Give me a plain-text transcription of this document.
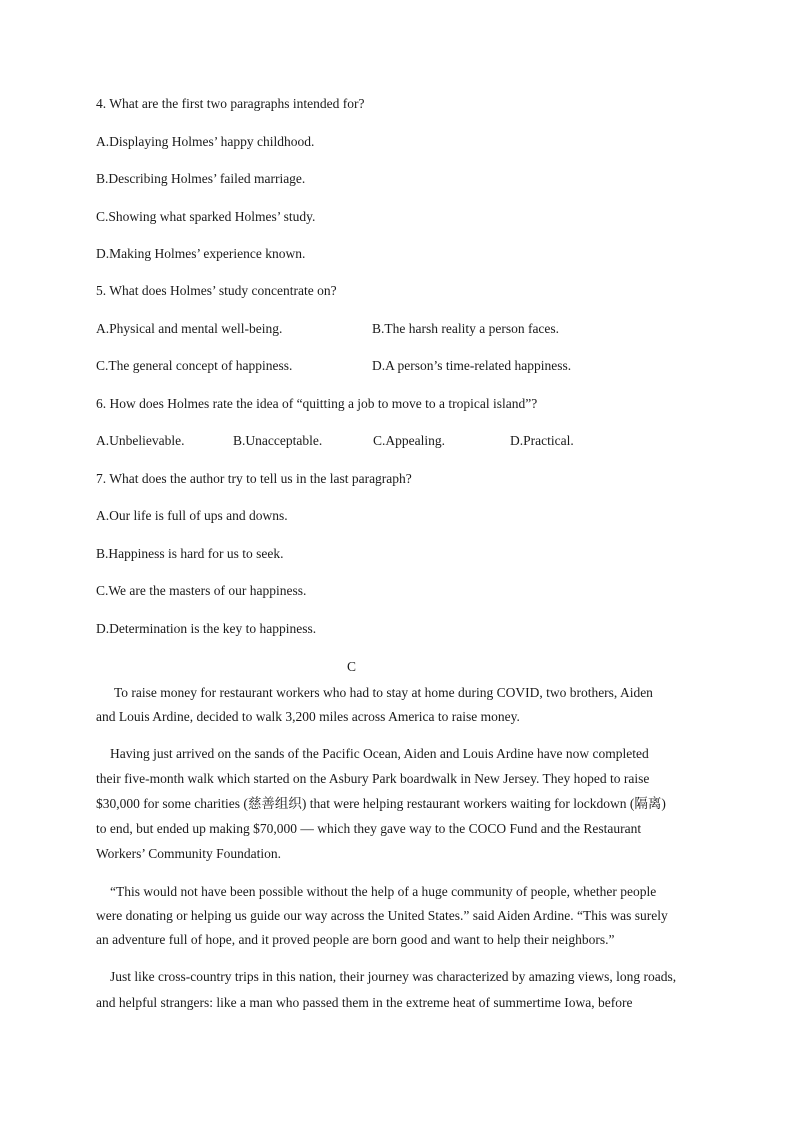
4. What are the first two paragraphs intended for?
A.Displaying Holmes’ happy childhood.
B.Describing Holmes’ failed marriage.
C.Showing what sparked Holmes’ study.
D.Making Holmes’ experience known.
5. What does Holmes’ study concentrate on?
A.Physical and mental well-being.	B.The harsh reality a person faces.
C.The general concept of happiness.	D.A person’s time-related happiness.
6. How does Holmes rate the idea of “quitting a job to move to a tropical island”?
A.Unbelievable.	B.Unacceptable.	C.Appealing.	D.Practical.
7. What does the author try to tell us in the last paragraph?
A.Our life is full of ups and downs.
B.Happiness is hard for us to seek.
C.We are the masters of our happiness.
D.Determination is the key to happiness.
C
To raise money for restaurant workers who had to stay at home during COVID, two brothers, Aiden
and Louis Ardine, decided to walk 3,200 miles across America to raise money.
Having just arrived on the sands of the Pacific Ocean, Aiden and Louis Ardine have now completed
their five-month walk which started on the Asbury Park boardwalk in New Jersey. They hoped to raise
$30,000 for some charities (慈善组织) that were helping restaurant workers waiting for lockdown (隔离)
to end, but ended up making $70,000 — which they gave way to the COCO Fund and the Restaurant
Workers’ Community Foundation.
“This would not have been possible without the help of a huge community of people, whether people
were donating or helping us guide our way across the United States.” said Aiden Ardine. “This was surely
an adventure full of hope, and it proved people are born good and want to help their neighbors.”
Just like cross-country trips in this nation, their journey was characterized by amazing views, long roads,
and helpful strangers: like a man who passed them in the extreme heat of summertime Iowa, before
